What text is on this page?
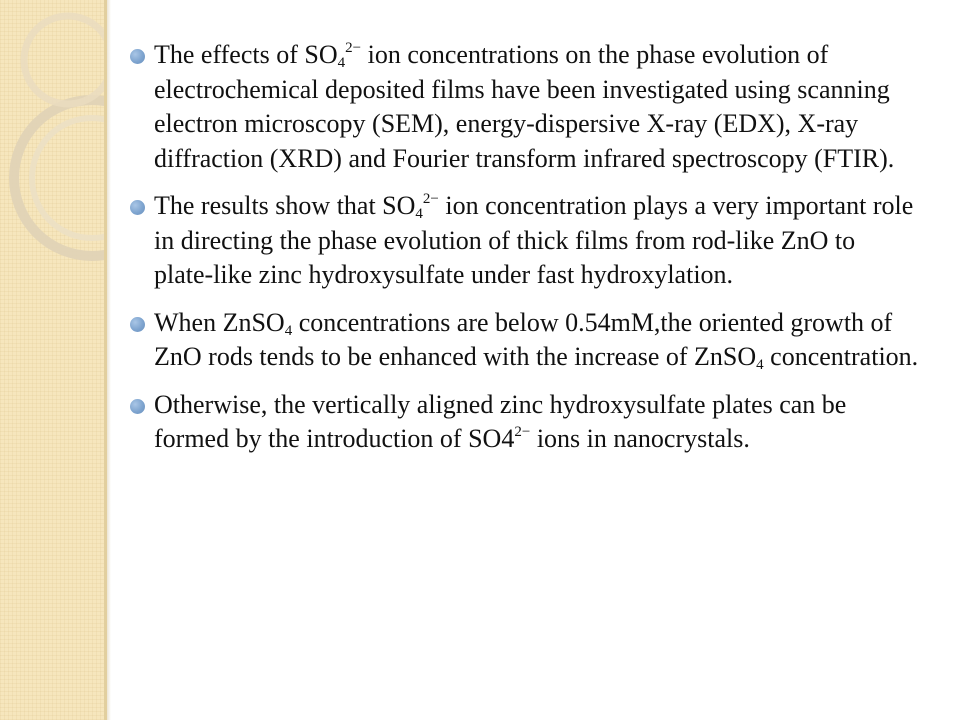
The effects of $SO_4^{2-}$ ion concentrations on the phase evolution of electrochemical deposited films have been investigated using scanning electron microscopy (SEM), energy-dispersive X-ray (EDX), X-ray diffraction (XRD) and Fourier transform infrared spectroscopy (FTIR).
The results show that $SO_4^{2-}$ ion concentration plays a very important role in directing the phase evolution of thick films from rod-like ZnO to plate-like zinc hydroxysulfate under fast hydroxylation.
When ZnSO$_4$ concentrations are below 0.54mM,the oriented growth of ZnO rods tends to be enhanced with the increase of ZnSO$_4$ concentration.
Otherwise, the vertically aligned zinc hydroxysulfate plates can be formed by the introduction of $SO4^{2-}$ ions in nanocrystals.
